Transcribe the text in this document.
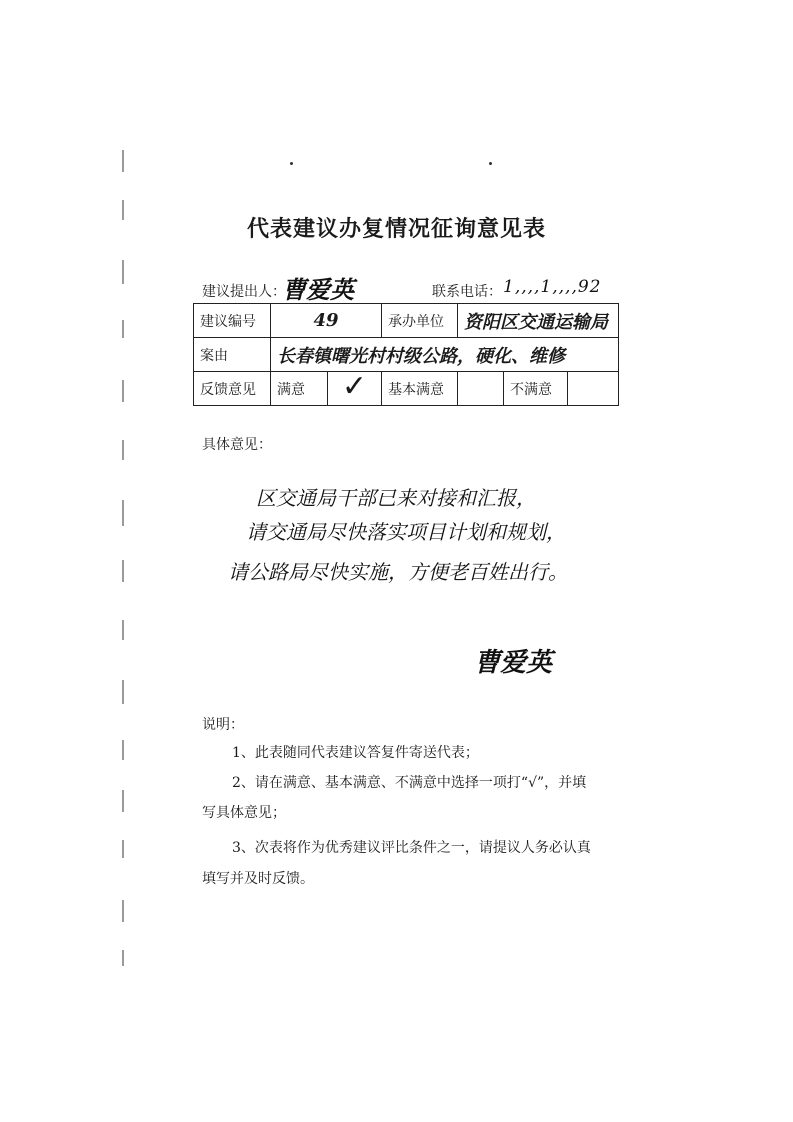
代表建议办复情况征询意见表
建议提出人：
曹爱英	联系电话： 1,,,,1,,,,92
建议编号	49		承办单位	资阳区交通运输局		
案由	长春镇曙光村村级公路，硬化、维修					
反馈意见	满意	✓	基本满意		不满意	
具体意见：
区交通局干部已来对接和汇报，
请交通局尽快落实项目计划和规划，
请公路局尽快实施，方便老百姓出行。
曹爱英
说明：
1、此表随同代表建议答复件寄送代表；
2、请在满意、基本满意、不满意中选择一项打“√”，并填
写具体意见；
3、次表将作为优秀建议评比条件之一，请提议人务必认真
填写并及时反馈。
